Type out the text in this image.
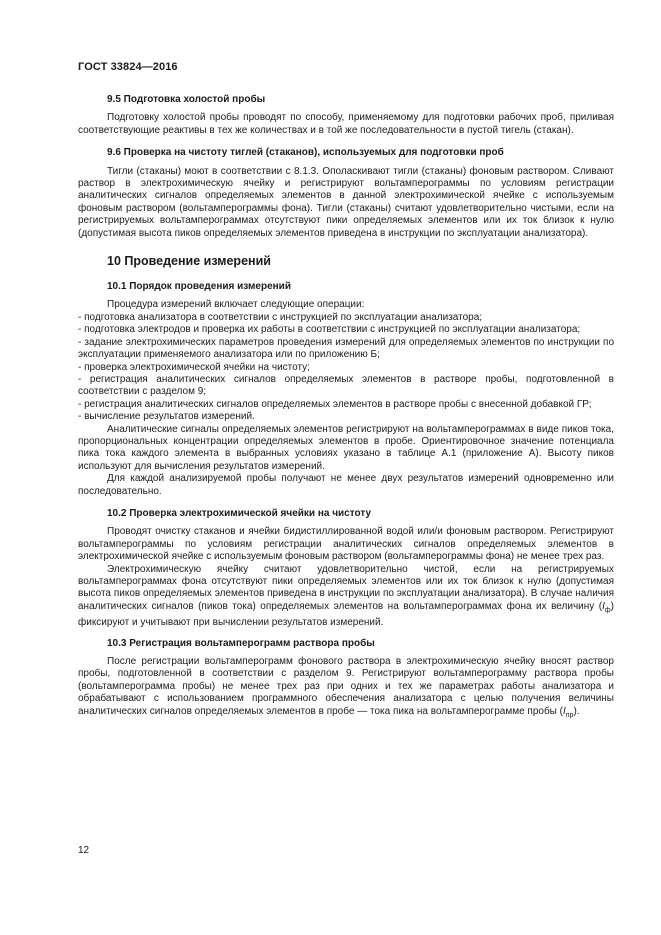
ГОСТ 33824—2016
9.5 Подготовка холостой пробы

Подготовку холостой пробы проводят по способу, применяемому для подготовки рабочих проб, приливая соответствующие реактивы в тех же количествах и в той же последовательности в пустой тигель (стакан).

9.6 Проверка на чистоту тиглей (стаканов), используемых для подготовки проб

Тигли (стаканы) моют в соответствии с 8.1.3. Ополаскивают тигли (стаканы) фоновым раствором. Сливают раствор в электрохимическую ячейку и регистрируют вольтамперограммы по условиям регистрации аналитических сигналов определяемых элементов в данной электрохимической ячейке с используемым фоновым раствором (вольтамперограммы фона). Тигли (стаканы) считают удовлетворительно чистыми, если на регистрируемых вольтамперограммах отсутствуют пики определяемых элементов или их ток близок к нулю (допустимая высота пиков определяемых элементов приведена в инструкции по эксплуатации анализатора).

10 Проведение измерений
10.1 Порядок проведения измерений

Процедура измерений включает следующие операции:

- подготовка анализатора в соответствии с инструкцией по эксплуатации анализатора;

- подготовка электродов и проверка их работы в соответствии с инструкцией по эксплуатации анализатора;

- задание электрохимических параметров проведения измерений для определяемых элементов по инструкции по эксплуатации применяемого анализатора или по приложению Б;

- проверка электрохимической ячейки на чистоту;

- регистрация аналитических сигналов определяемых элементов в растворе пробы, подготовленной в соответствии с разделом 9;

- регистрация аналитических сигналов определяемых элементов в растворе пробы с внесенной добавкой ГР;

- вычисление результатов измерений.

Аналитические сигналы определяемых элементов регистрируют на вольтамперограммах в виде пиков тока, пропорциональных концентрации определяемых элементов в пробе. Ориентировочное значение потенциала пика тока каждого элемента в выбранных условиях указано в таблице А.1 (приложение А). Высоту пиков используют для вычисления результатов измерений.

Для каждой анализируемой пробы получают не менее двух результатов измерений одновременно или последовательно.

10.2 Проверка электрохимической ячейки на чистоту

Проводят очистку стаканов и ячейки бидистиллированной водой или/и фоновым раствором. Регистрируют вольтамперограммы по условиям регистрации аналитических сигналов определяемых элементов в электрохимической ячейке с используемым фоновым раствором (вольтамперограммы фона) не менее трех раз.

Электрохимическую ячейку считают удовлетворительно чистой, если на регистрируемых вольтамперограммах фона отсутствуют пики определяемых элементов или их ток близок к нулю (допустимая высота пиков определяемых элементов приведена в инструкции по эксплуатации анализатора). В случае наличия аналитических сигналов (пиков тока) определяемых элементов на вольтамперограммах фона их величину $(I_ф)$ фиксируют и учитывают при вычислении результатов измерений.

10.3 Регистрация вольтамперограмм раствора пробы

После регистрации вольтамперограмм фонового раствора в электрохимическую ячейку вносят раствор пробы, подготовленной в соответствии с разделом 9. Регистрируют вольтамперограмму раствора пробы (вольтамперограмма пробы) не менее трех раз при одних и тех же параметрах работы анализатора и обрабатывают с использованием программного обеспечения анализатора с целью получения величины аналитических сигналов определяемых элементов в пробе — тока пика на вольтамперограмме пробы $(I_{пр})$.

12
